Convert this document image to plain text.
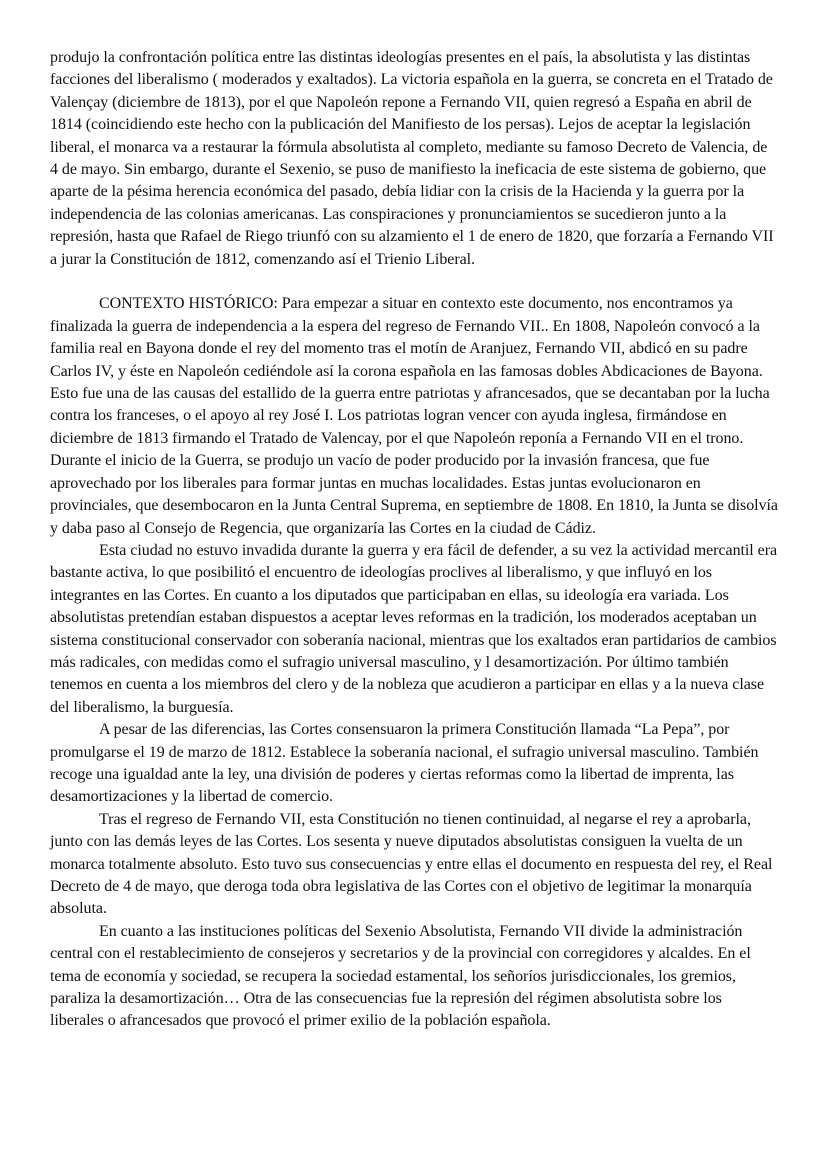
produjo la confrontación política entre las distintas ideologías presentes en el país, la absolutista y las distintas facciones del liberalismo ( moderados y exaltados). La victoria española en la guerra, se concreta en el Tratado de Valençay (diciembre de 1813), por el que Napoleón repone a Fernando VII, quien regresó a España en abril de 1814 (coincidiendo este hecho con la publicación del Manifiesto de los persas). Lejos de aceptar la legislación liberal, el monarca va a restaurar la fórmula absolutista al completo, mediante su famoso Decreto de Valencia, de 4 de mayo. Sin embargo, durante el Sexenio, se puso de manifiesto la ineficacia de este sistema de gobierno, que aparte de la pésima herencia económica del pasado, debía lidiar con la crisis de la Hacienda y la guerra por la independencia de las colonias americanas. Las conspiraciones y pronunciamientos se sucedieron junto a la represión, hasta que Rafael de Riego triunfó con su alzamiento el 1 de enero de 1820, que forzaría a Fernando VII a jurar la Constitución de 1812, comenzando así el Trienio Liberal.

CONTEXTO HISTÓRICO: Para empezar a situar en contexto este documento, nos encontramos ya finalizada la guerra de independencia a la espera del regreso de Fernando VII.. En 1808, Napoleón convocó a la familia real en Bayona donde el rey del momento tras el motín de Aranjuez, Fernando VII, abdicó en su padre Carlos IV, y éste en Napoleón cediéndole así la corona española en las famosas dobles Abdicaciones de Bayona. Esto fue una de las causas del estallido de la guerra entre patriotas y afrancesados, que se decantaban por la lucha contra los franceses, o el apoyo al rey José I. Los patriotas logran vencer con ayuda inglesa, firmándose en diciembre de 1813 firmando el Tratado de Valencay, por el que Napoleón reponía a Fernando VII en el trono. Durante el inicio de la Guerra, se produjo un vacío de poder producido por la invasión francesa, que fue aprovechado por los liberales para formar juntas en muchas localidades. Estas juntas evolucionaron en provinciales, que desembocaron en la Junta Central Suprema, en septiembre de 1808. En 1810, la Junta se disolvía y daba paso al Consejo de Regencia, que organizaría las Cortes en la ciudad de Cádiz.

Esta ciudad no estuvo invadida durante la guerra y era fácil de defender, a su vez la actividad mercantil era bastante activa, lo que posibilitó el encuentro de ideologías proclives al liberalismo, y que influyó en los integrantes en las Cortes. En cuanto a los diputados que participaban en ellas, su ideología era variada. Los absolutistas pretendían estaban dispuestos a aceptar leves reformas en la tradición, los moderados aceptaban un sistema constitucional conservador con soberanía nacional, mientras que los exaltados eran partidarios de cambios más radicales, con medidas como el sufragio universal masculino, y l desamortización. Por último también tenemos en cuenta a los miembros del clero y de la nobleza que acudieron a participar en ellas y a la nueva clase del liberalismo, la burguesía.

A pesar de las diferencias, las Cortes consensuaron la primera Constitución llamada “La Pepa”, por promulgarse el 19 de marzo de 1812. Establece la soberanía nacional, el sufragio universal masculino. También recoge una igualdad ante la ley, una división de poderes y ciertas reformas como la libertad de imprenta, las desamortizaciones y la libertad de comercio.

Tras el regreso de Fernando VII, esta Constitución no tienen continuidad, al negarse el rey a aprobarla, junto con las demás leyes de las Cortes. Los sesenta y nueve diputados absolutistas consiguen la vuelta de un monarca totalmente absoluto. Esto tuvo sus consecuencias y entre ellas el documento en respuesta del rey, el Real Decreto de 4 de mayo, que deroga toda obra legislativa de las Cortes con el objetivo de legitimar la monarquía absoluta.

En cuanto a las instituciones políticas del Sexenio Absolutista, Fernando VII divide la administración central con el restablecimiento de consejeros y secretarios y de la provincial con corregidores y alcaldes. En el tema de economía y sociedad, se recupera la sociedad estamental, los señoríos jurisdiccionales, los gremios, paraliza la desamortización… Otra de las consecuencias fue la represión del régimen absolutista sobre los liberales o afrancesados que provocó el primer exilio de la población española.
